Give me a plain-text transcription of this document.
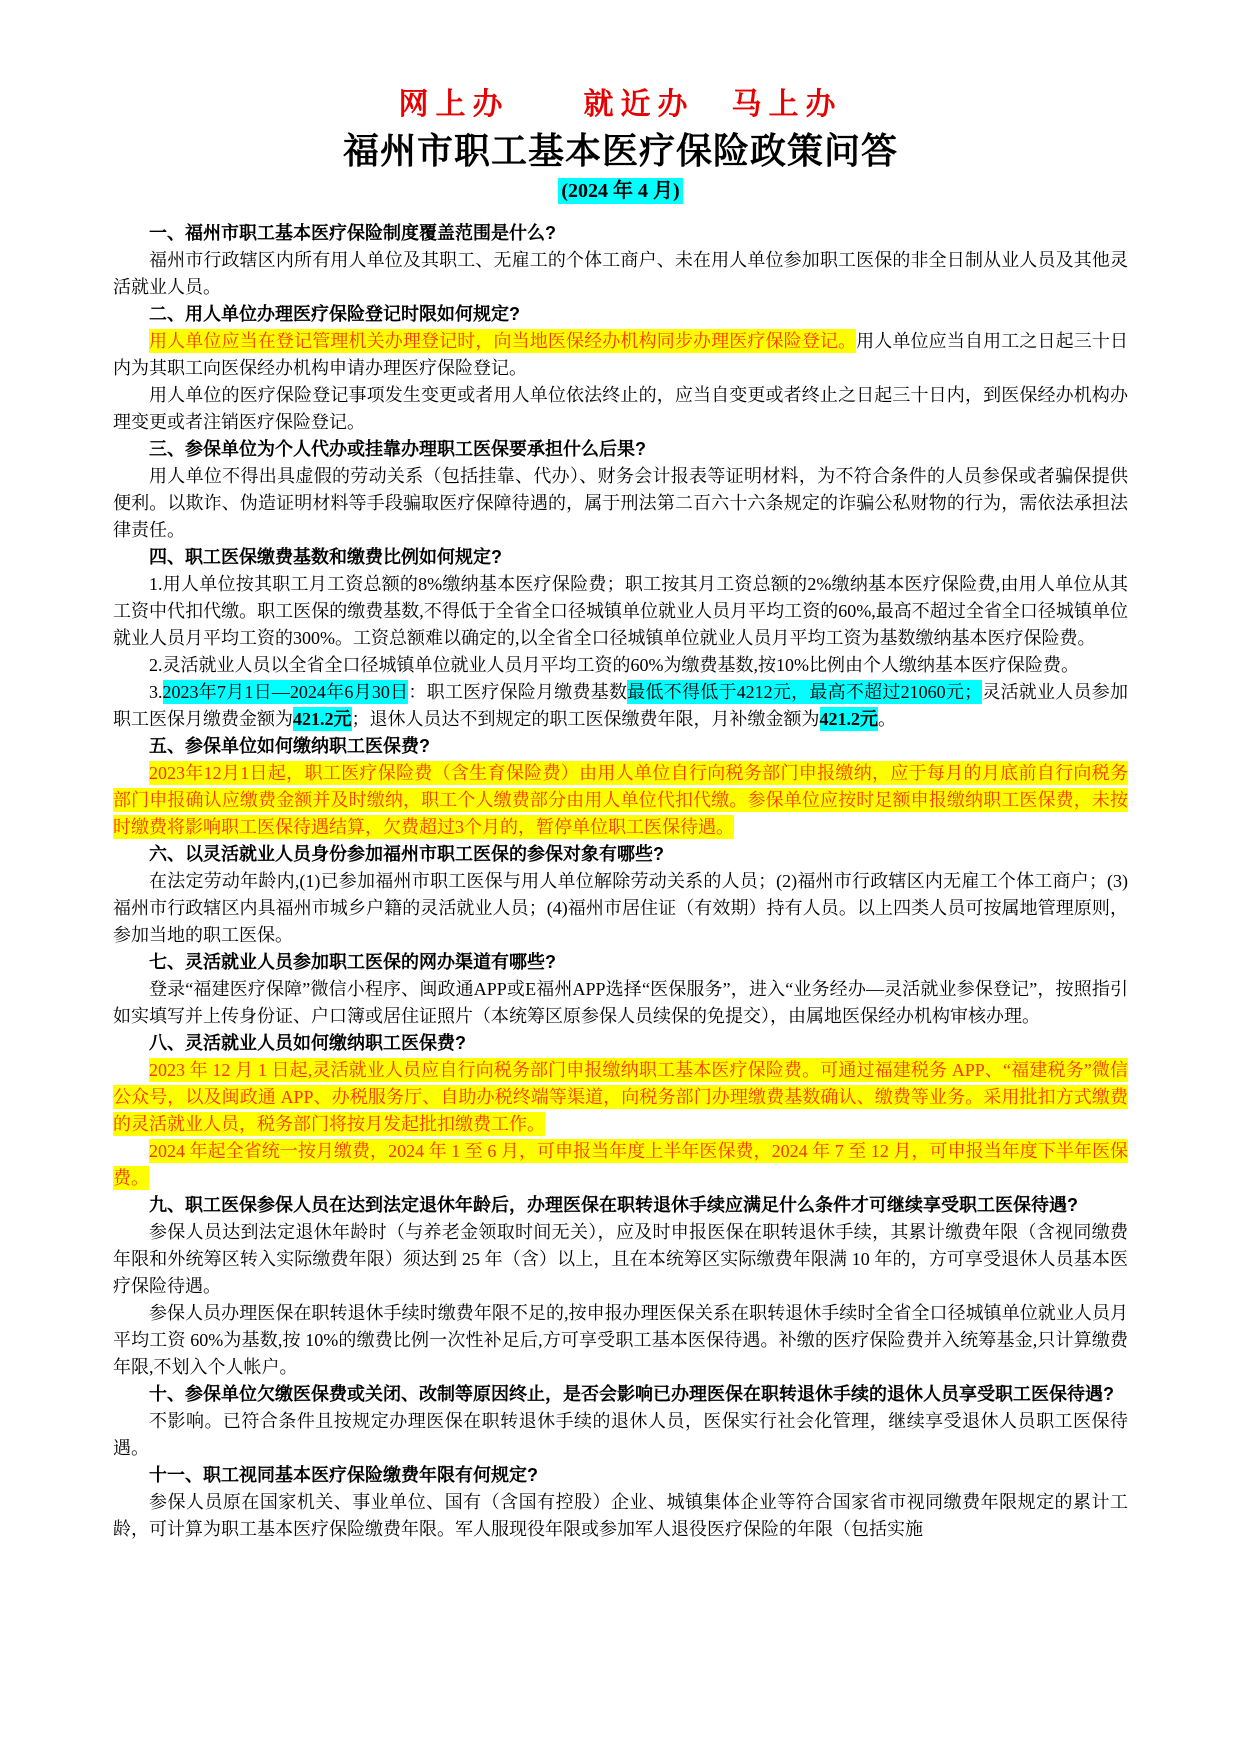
网上办　　就近办　马上办
福州市职工基本医疗保险政策问答
(2024 年 4 月)
一、福州市职工基本医疗保险制度覆盖范围是什么?

福州市行政辖区内所有用人单位及其职工、无雇工的个体工商户、未在用人单位参加职工医保的非全日制从业人员及其他灵活就业人员。

二、用人单位办理医疗保险登记时限如何规定?

用人单位应当在登记管理机关办理登记时，向当地医保经办机构同步办理医疗保险登记。用人单位应当自用工之日起三十日内为其职工向医保经办机构申请办理医疗保险登记。

用人单位的医疗保险登记事项发生变更或者用人单位依法终止的，应当自变更或者终止之日起三十日内，到医保经办机构办理变更或者注销医疗保险登记。

三、参保单位为个人代办或挂靠办理职工医保要承担什么后果?

用人单位不得出具虚假的劳动关系（包括挂靠、代办）、财务会计报表等证明材料，为不符合条件的人员参保或者骗保提供便利。以欺诈、伪造证明材料等手段骗取医疗保障待遇的，属于刑法第二百六十六条规定的诈骗公私财物的行为，需依法承担法律责任。

四、职工医保缴费基数和缴费比例如何规定?

1.用人单位按其职工月工资总额的8%缴纳基本医疗保险费；职工按其月工资总额的2%缴纳基本医疗保险费,由用人单位从其工资中代扣代缴。职工医保的缴费基数,不得低于全省全口径城镇单位就业人员月平均工资的60%,最高不超过全省全口径城镇单位就业人员月平均工资的300%。工资总额难以确定的,以全省全口径城镇单位就业人员月平均工资为基数缴纳基本医疗保险费。

2.灵活就业人员以全省全口径城镇单位就业人员月平均工资的60%为缴费基数,按10%比例由个人缴纳基本医疗保险费。

3.2023年7月1日—2024年6月30日：职工医疗保险月缴费基数最低不得低于4212元，最高不超过21060元；灵活就业人员参加职工医保月缴费金额为421.2元；退休人员达不到规定的职工医保缴费年限，月补缴金额为421.2元。

五、参保单位如何缴纳职工医保费?

2023年12月1日起，职工医疗保险费（含生育保险费）由用人单位自行向税务部门申报缴纳，应于每月的月底前自行向税务部门申报确认应缴费金额并及时缴纳，职工个人缴费部分由用人单位代扣代缴。参保单位应按时足额申报缴纳职工医保费，未按时缴费将影响职工医保待遇结算，欠费超过3个月的，暂停单位职工医保待遇。

六、以灵活就业人员身份参加福州市职工医保的参保对象有哪些?

在法定劳动年龄内,(1)已参加福州市职工医保与用人单位解除劳动关系的人员；(2)福州市行政辖区内无雇工个体工商户；(3)福州市行政辖区内具福州市城乡户籍的灵活就业人员；(4)福州市居住证（有效期）持有人员。以上四类人员可按属地管理原则，参加当地的职工医保。

七、灵活就业人员参加职工医保的网办渠道有哪些?

登录“福建医疗保障”微信小程序、闽政通APP或E福州APP选择“医保服务”，进入“业务经办—灵活就业参保登记”，按照指引如实填写并上传身份证、户口簿或居住证照片（本统筹区原参保人员续保的免提交），由属地医保经办机构审核办理。

八、灵活就业人员如何缴纳职工医保费?

2023 年 12 月 1 日起,灵活就业人员应自行向税务部门申报缴纳职工基本医疗保险费。可通过福建税务 APP、“福建税务”微信公众号，以及闽政通 APP、办税服务厅、自助办税终端等渠道，向税务部门办理缴费基数确认、缴费等业务。采用批扣方式缴费的灵活就业人员，税务部门将按月发起批扣缴费工作。

2024 年起全省统一按月缴费，2024 年 1 至 6 月，可申报当年度上半年医保费，2024 年 7 至 12 月，可申报当年度下半年医保费。

九、职工医保参保人员在达到法定退休年龄后，办理医保在职转退休手续应满足什么条件才可继续享受职工医保待遇?

参保人员达到法定退休年龄时（与养老金领取时间无关），应及时申报医保在职转退休手续，其累计缴费年限（含视同缴费年限和外统筹区转入实际缴费年限）须达到 25 年（含）以上，且在本统筹区实际缴费年限满 10 年的，方可享受退休人员基本医疗保险待遇。

参保人员办理医保在职转退休手续时缴费年限不足的,按申报办理医保关系在职转退休手续时全省全口径城镇单位就业人员月平均工资 60%为基数,按 10%的缴费比例一次性补足后,方可享受职工基本医保待遇。补缴的医疗保险费并入统筹基金,只计算缴费年限,不划入个人帐户。

十、参保单位欠缴医保费或关闭、改制等原因终止，是否会影响已办理医保在职转退休手续的退休人员享受职工医保待遇?

不影响。已符合条件且按规定办理医保在职转退休手续的退休人员，医保实行社会化管理，继续享受退休人员职工医保待遇。

十一、职工视同基本医疗保险缴费年限有何规定?

参保人员原在国家机关、事业单位、国有（含国有控股）企业、城镇集体企业等符合国家省市视同缴费年限规定的累计工龄，可计算为职工基本医疗保险缴费年限。军人服现役年限或参加军人退役医疗保险的年限（包括实施
